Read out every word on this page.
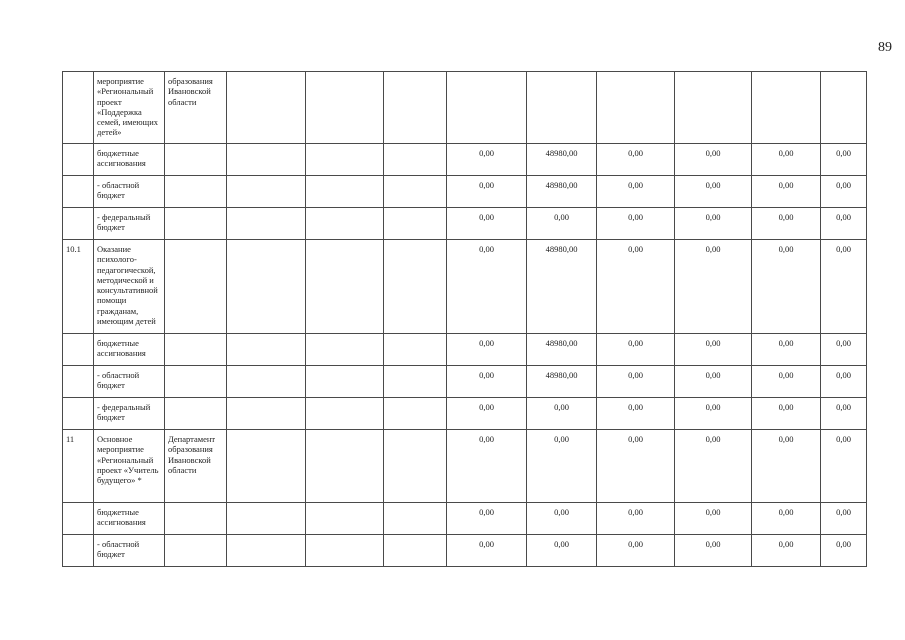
89
	мероприятие «Региональный проект «Поддержка семей, имеющих детей»	образования Ивановской области									
	бюджетные ассигнования					0,00	48980,00	0,00	0,00	0,00	0,00
	- областной бюджет					0,00	48980,00	0,00	0,00	0,00	0,00
	- федеральный бюджет					0,00	0,00	0,00	0,00	0,00	0,00
10.1	Оказание психолого-педагогической, методической и консультативной помощи гражданам, имеющим детей					0,00	48980,00	0,00	0,00	0,00	0,00
	бюджетные ассигнования					0,00	48980,00	0,00	0,00	0,00	0,00
	- областной бюджет					0,00	48980,00	0,00	0,00	0,00	0,00
	- федеральный бюджет					0,00	0,00	0,00	0,00	0,00	0,00
11	Основное мероприятие «Региональный проект «Учитель будущего» *	Департамент образования Ивановской области				0,00	0,00	0,00	0,00	0,00	0,00
	бюджетные ассигнования					0,00	0,00	0,00	0,00	0,00	0,00
	- областной бюджет					0,00	0,00	0,00	0,00	0,00	0,00
